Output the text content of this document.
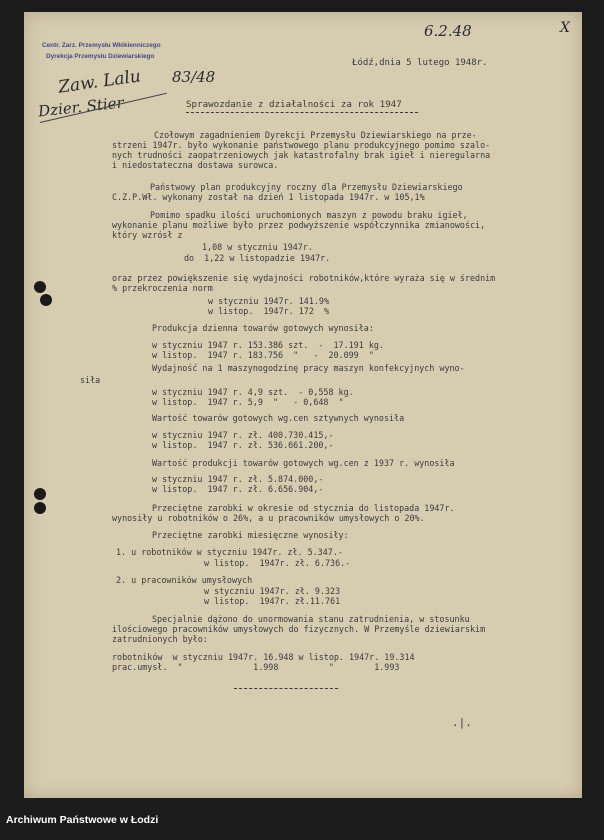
Centr. Zarz. Przemysłu Włókienniczego
Dyrekcja Przemysłu Dziewiarskiego
6.2.48	X
83/48
Zaw. Lalu
Dzier. Stier
Łódź,dnia 5 lutego 1948r.
Sprawozdanie z działalności za rok 1947
Czołowym zagadnieniem Dyrekcji Przemysłu Dziewiarskiego na prze-
strzeni 1947r. było wykonanie państwowego planu produkcyjnego pomimo szalo-
nych trudności zaopatrzeniowych jak katastrofalny brak igieł i nieregularna
i niedostateczna dostawa surowca.
Państwowy plan produkcyjny roczny dla Przemysłu Dziewiarskiego
C.Z.P.Wł. wykonany został na dzień 1 listopada 1947r. w 105,1%
Pomimo spadku ilości uruchomionych maszyn z powodu braku igieł,
wykonanie planu możliwe było przez podwyższenie współczynnika zmianowości,
który wzrósł z
1,08 w styczniu 1947r.
do  1,22 w listopadzie 1947r.
oraz przez powiększenie się wydajności robotników,które wyraża się w średnim
% przekroczenia norm
w styczniu 1947r. 141.9%
w listop.  1947r. 172  %
Produkcja dzienna towarów gotowych wynosiła:
w styczniu 1947 r. 153.386 szt.  -  17.191 kg.
w listop.  1947 r. 183.756  "   -  20.099  "
Wydajność na 1 maszynogodzinę pracy maszyn konfekcyjnych wyno-
siła
w styczniu 1947 r. 4,9 szt.  - 0,558 kg.
w listop.  1947 r. 5,9  "   - 0,648  "
Wartość towarów gotowych wg.cen sztywnych wynosiła
w styczniu 1947 r. zł. 400.730.415,-
w listop.  1947 r. zł. 536.661.200,-
Wartość produkcji towarów gotowych wg.cen z 1937 r. wynosiła
w styczniu 1947 r. zł. 5.874.000,-
w listop.  1947 r. zł. 6.656.904,-
Przeciętne zarobki w okresie od stycznia do listopada 1947r.
wynosiły u robotników o 26%, a u pracowników umysłowych o 20%.
Przeciętne zarobki miesięczne wynosiły:
1. u robotników w styczniu 1947r. zł. 5.347.-
w listop.  1947r. zł. 6.736.-
2. u pracowników umysłowych
w styczniu 1947r. zł. 9.323
w listop.  1947r. zł.11.761
Specjalnie dążono do unormowania stanu zatrudnienia, w stosunku
ilościowego pracowników umysłowych do fizycznych. W Przemyśle dziewiarskim
zatrudnionych było:
robotników  w styczniu 1947r. 16.948 w listop. 1947r. 19.314
prac.umysł.  "              1.998          "        1.993
.|.
Archiwum Państwowe w Łodzi
